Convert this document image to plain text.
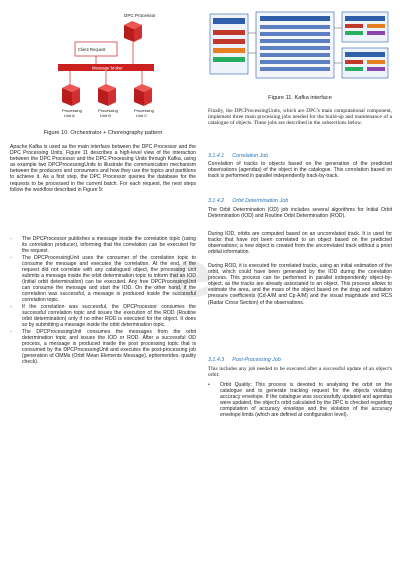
e
DPC Processor
Client Request
Message broker
Processing Unit A
Processing Unit B
Processing Unit C
Figure 10. Orchestrator + Choreography pattern
Figure 11. Kafka interface
Apache Kafka is used as the main interface between the DPC Processor and the DPC Processing Units. Figure 11 describes a high-level view of the interaction between the DPC Processor and the DPC Processing Units through Kafka, using as example two DPCProcessingUnits to illustrate the communication mechanism between the producers and consumers and how they use the topics and partitions to achieve it. As a first step, the DPC Processor queries the database for the requests to be processed in the current batch. For each request, the next steps follow the workflow described in Figure 9:
- The DPCProcessor publishes a message inside the correlation topic (using its correlation producer), informing that the correlation can be executed for the request.
- The DPCProcessingUnit uses the consumer of the correlation topic to consume the message and executes the correlation. At the end, if the request did not correlate with any catalogued object, the processing unit submits a message inside the orbit determination topic to inform that an IOD (Initial orbit determination) can be executed. Any free DPCProcessingUnit can consume the message and start the IOD. On the other hand, if the correlation was successful, a message is produced inside the successful correlation topic.
- If the correlation was successful, the DPCProcessor consumes the successful correlation topic and issues the execution of the ROD (Routine orbit determination) only if no other ROD is executed for the object. It does so by submitting a message inside the orbit determination topic.
- The DPCProcessingUnit consumes the messages from the orbit determination topic and issues the IOD or ROD. After a successful OD process, a message is produced inside the post processing topic that is consumed by the DPCProcessingUnit and executes the post-processing job (generation of OMMs (Orbit Mean Elements Message), ephemerides, quality check).
Finally, the DPCProcessingUnits, which are DPC's main computational component, implement three main processing jobs needed for the build-up and maintenance of a catalogue of objects. These jobs are described in the subsections below.
3.1.4.1 Correlation Job
Correlation of tracks to objects based on the generation of the predicted observations (agendas) of the object in the catalogue. This correlation based on track is performed in parallel independently track-by-track.
3.1.4.2 Orbit Determination Job
The Orbit Determination (OD) job includes several algorithms for Initial Orbit Determination (IOD) and Routine Orbit Determination (ROD).
During IOD, orbits are computed based on an uncorrelated track. It is used for tracks that have not been correlated to an object based on the predicted observations; a new object is created from the uncorrelated track without a priori orbital information.
During ROD, it is executed for correlated tracks, using an initial estimation of the orbit, which could have been generated by the IOD during the correlation process. This process can be performed in parallel independently object-by-object, as the tracks are already associated to an object. This process allows to estimate the area, and the mass of the object based on the drag and radiation pressure coefficients (Cd·A/M and Cp·A/M) and the visual magnitude and RCS (Radar Cross Section) of the observations.
3.1.4.3 Post-Processing Job
This includes any job needed to be executed after a successful update of an object's orbit:
• Orbit Quality: This process is devoted to analysing the orbit on the catalogue and to generate tracking request for the objects violating accuracy envelope. If the catalogue was successfully updated and agendas were updated, the object's orbit calculated by the DPC is checked regarding computation of accuracy envelope and the violation of the accuracy envelope limits (which are defined at configuration level).
